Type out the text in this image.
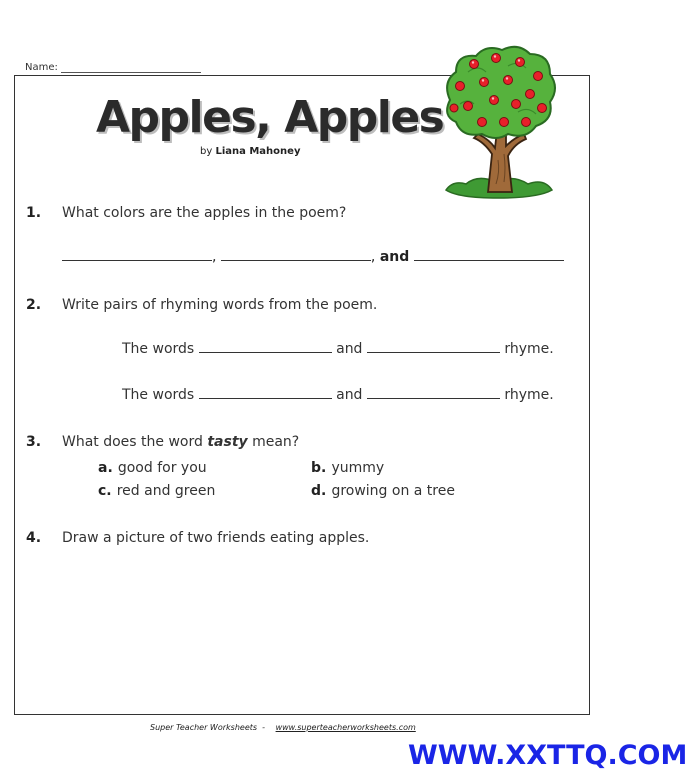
Name:
Apples, Apples
by Liana Mahoney
1. What colors are the apples in the poem?
,	, and
2. Write pairs of rhyming words from the poem.
The words	and	rhyme.
The words	and	rhyme.
3. What does the word tasty mean?
a. good for you	b. yummy
c. red and green	d. growing on a tree
4. Draw a picture of two friends eating apples.
Super Teacher Worksheets - www.superteacherworksheets.com
WWW.XXTTQ.COM
